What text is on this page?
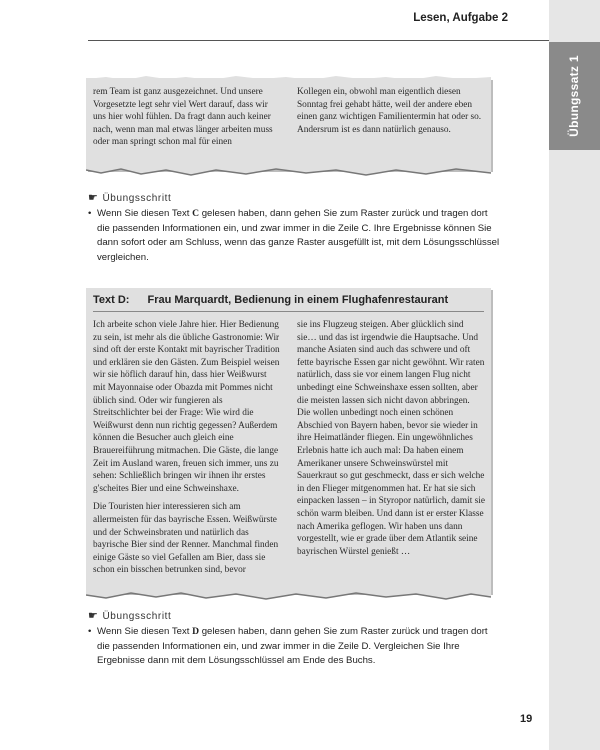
Übungssatz 1
Lesen, Aufgabe 2
rem Team ist ganz ausgezeichnet. Und unsere Vorgesetzte legt sehr viel Wert darauf, dass wir uns hier wohl fühlen. Da fragt dann auch keiner nach, wenn man mal etwas länger arbeiten muss oder man springt schon mal für einen
Kollegen ein, obwohl man eigentlich diesen Sonntag frei gehabt hätte, weil der andere eben einen ganz wichtigen Familientermin hat oder so. Andersrum ist es dann natürlich genauso.
☛ Übungsschritt
• Wenn Sie diesen Text C gelesen haben, dann gehen Sie zum Raster zurück und tragen dort die passenden Informationen ein, und zwar immer in die Zeile C. Ihre Ergebnisse können Sie dann sofort oder am Schluss, wenn das ganze Raster ausgefüllt ist, mit dem Lösungsschlüssel vergleichen.
Text D: Frau Marquardt, Bedienung in einem Flughafenrestaurant
Ich arbeite schon viele Jahre hier. Hier Bedienung zu sein, ist mehr als die übliche Gastronomie: Wir sind oft der erste Kontakt mit bayrischer Tradition und erklären sie den Gästen. Zum Beispiel weisen wir sie höflich darauf hin, dass hier Weißwurst mit Mayonnaise oder Obazda mit Pommes nicht üblich sind. Oder wir fungieren als Streitschlichter bei der Frage: Wie wird die Weißwurst denn nun richtig gegessen? Außerdem können die Besucher auch gleich eine Brauereiführung mitmachen. Die Gäste, die lange Zeit im Ausland waren, freuen sich immer, uns zu sehen: Schließlich bringen wir ihnen ihr erstes g'scheites Bier und eine Schweinshaxe.
Die Touristen hier interessieren sich am allermeisten für das bayrische Essen. Weißwürste und der Schweinsbraten und natürlich das bayrische Bier sind der Renner. Manchmal finden einige Gäste so viel Gefallen am Bier, dass sie schon ein bisschen betrunken sind, bevor
sie ins Flugzeug steigen. Aber glücklich sind sie… und das ist irgendwie die Hauptsache. Und manche Asiaten sind auch das schwere und oft fette bayrische Essen gar nicht gewöhnt. Wir raten natürlich, dass sie vor einem langen Flug nicht unbedingt eine Schweinshaxe essen sollten, aber die meisten lassen sich nicht davon abbringen. Die wollen unbedingt noch einen schönen Abschied von Bayern haben, bevor sie wieder in ihre Heimatländer fliegen. Ein ungewöhnliches Erlebnis hatte ich auch mal: Da haben einem Amerikaner unsere Schweinswürstel mit Sauerkraut so gut geschmeckt, dass er sich welche in den Flieger mitgenommen hat. Er hat sie sich einpacken lassen – in Styropor natürlich, damit sie schön warm bleiben. Und dann ist er erster Klasse nach Amerika geflogen. Wir haben uns dann vorgestellt, wie er grade über dem Atlantik seine bayrischen Würstel genießt …
☛ Übungsschritt
• Wenn Sie diesen Text D gelesen haben, dann gehen Sie zum Raster zurück und tragen dort die passenden Informationen ein, und zwar immer in die Zeile D. Vergleichen Sie Ihre Ergebnisse dann mit dem Lösungsschlüssel am Ende des Buchs.
19
